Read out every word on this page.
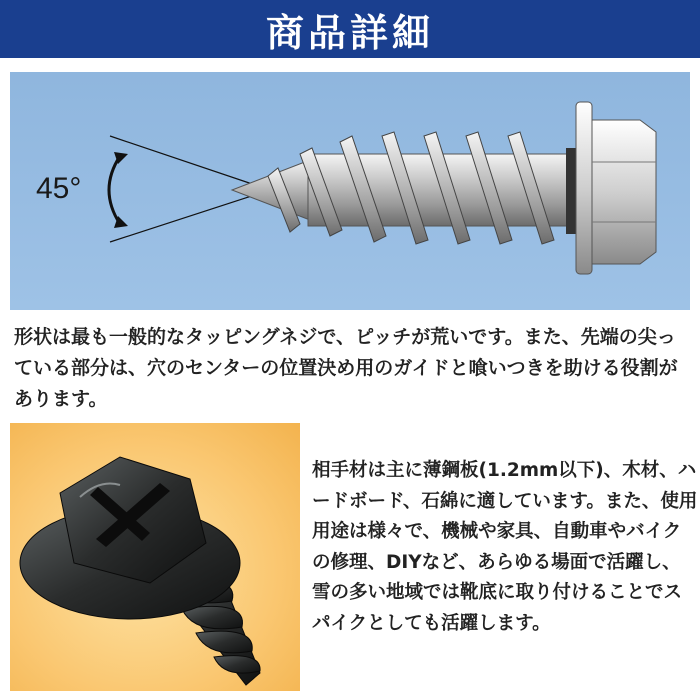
商品詳細
45°
形状は最も一般的なタッピングネジで、ピッチが荒いです。また、先端の尖っている部分は、穴のセンターの位置決め用のガイドと喰いつきを助ける役割があります。
相手材は主に薄鋼板(1.2mm以下)、木材、ハードボード、石綿に適しています。また、使用用途は様々で、機械や家具、自動車やバイクの修理、DIYなど、あらゆる場面で活躍し、雪の多い地域では靴底に取り付けることでスパイクとしても活躍します。
